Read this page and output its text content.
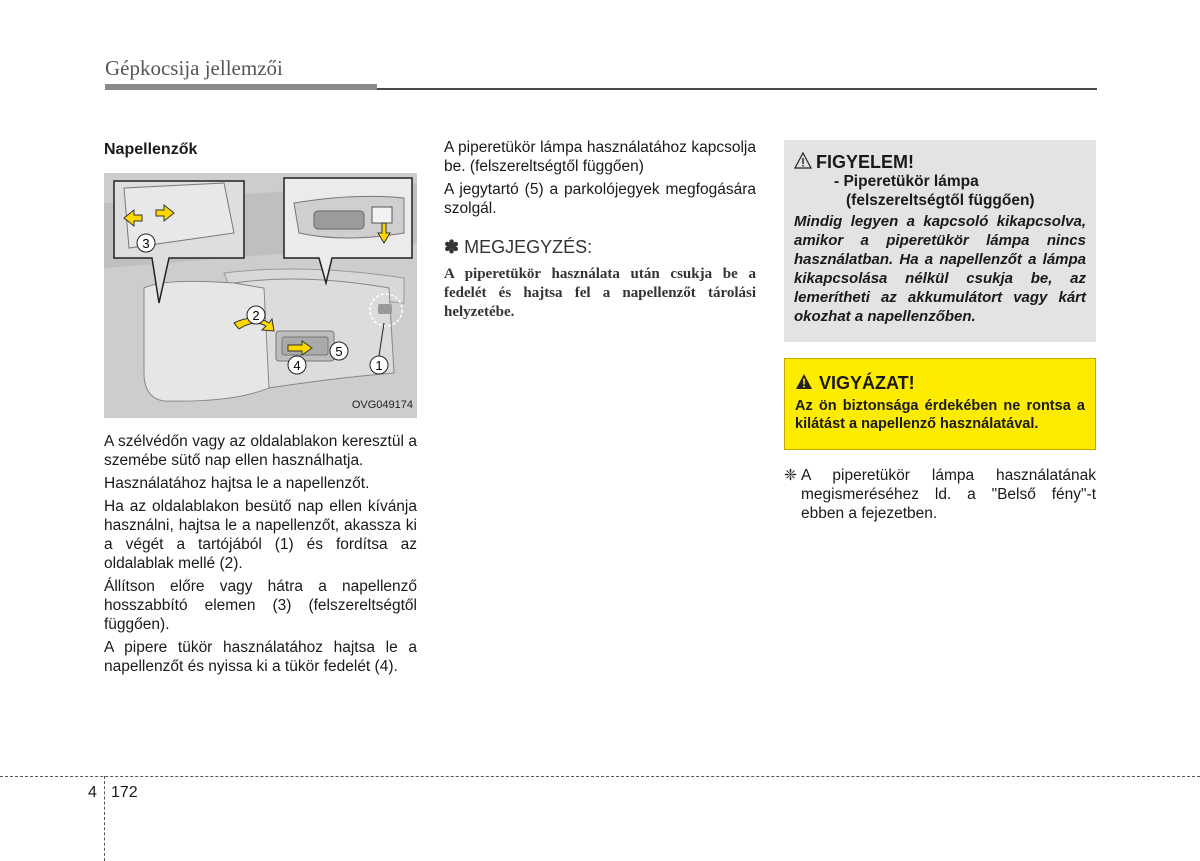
Gépkocsija jellemzői

Napellenzők

1
2
3
4
5
OVG049174

A szélvédőn vagy az oldalablakon keresztül a szemébe sütő nap ellen használhatja.

Használatához hajtsa le a napellenzőt.

Ha az oldalablakon besütő nap ellen kívánja használni, hajtsa le a napellenzőt, akassza ki a végét a tartójából (1) és fordítsa az oldalablak mellé (2).

Állítson előre vagy hátra a napellenző hosszabbító elemen (3) (felszereltségtől függően).

A pipere tükör használatához hajtsa le a napellenzőt és nyissa ki a tükör fedelét (4).

A piperetükör lámpa használatához kapcsolja be. (felszereltségtől függően)

A jegytartó (5) a parkolójegyek megfogására szolgál.

✽ MEGJEGYZÉS:

A piperetükör használata után csukja be a fedelét és hajtsa fel a napellenzőt tárolási helyzetébe.

FIGYELEM!

- Piperetükör lámpa

(felszereltségtől függően)

Mindig legyen a kapcsoló kikapcsolva, amikor a piperetükör lámpa nincs használatban. Ha a napellenzőt a lámpa kikapcsolása nélkül csukja be, az lemerítheti az akkumulátort vagy kárt okozhat a napellenzőben.

VIGYÁZAT!

Az ön biztonsága érdekében ne rontsa a kilátást a napellenző használatával.

❈ A piperetükör lámpa használatának megismeréséhez ld. a "Belső fény"-t ebben a fejezetben.
4 172
